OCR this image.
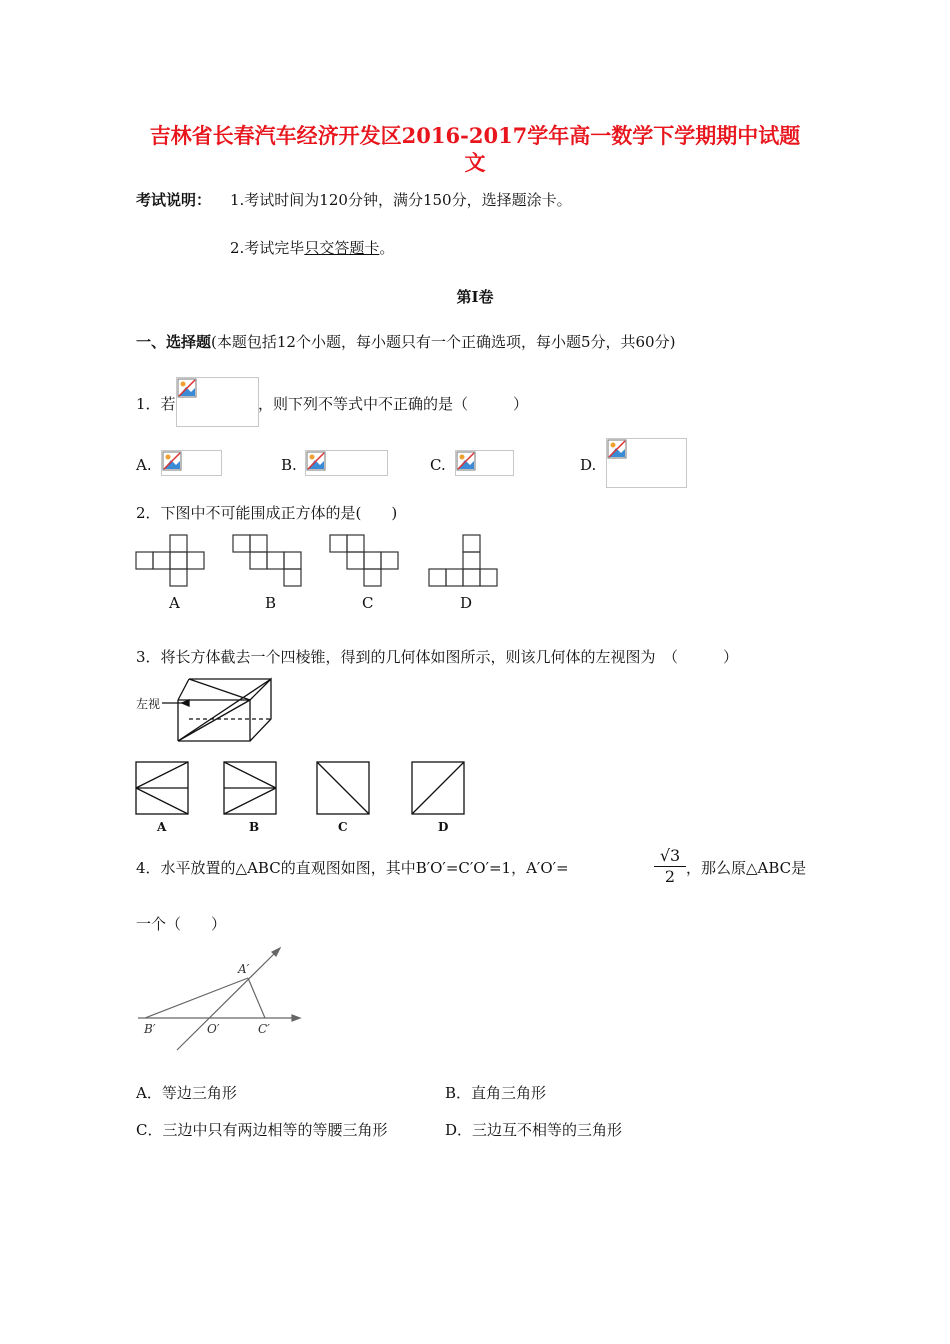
吉林省长春汽车经济开发区2016-2017学年高一数学下学期期中试题
文
考试说明： 1.考试时间为120分钟，满分150分，选择题涂卡。
2.考试完毕只交答题卡。
第Ⅰ卷
一、选择题(本题包括12个小题，每小题只有一个正确选项，每小题5分，共60分)
1．若	，则下列不等式中不正确的是（　　　）
A.	B.	C.	D.
2．下图中不可能围成正方体的是(　　)
A	B	C	D
3．将长方体截去一个四棱锥，得到的几何体如图所示，则该几何体的左视图为　（　　　）
左视
A	B	C	D
4．水平放置的△ABC的直观图如图，其中B′O′=C′O′=1，A′O′=	$\frac{√3}{2}$ ，那么原△ABC是
一个（　　）
A′
B′	O′	C′
A．等边三角形	B．直角三角形
C．三边中只有两边相等的等腰三角形	D．三边互不相等的三角形
